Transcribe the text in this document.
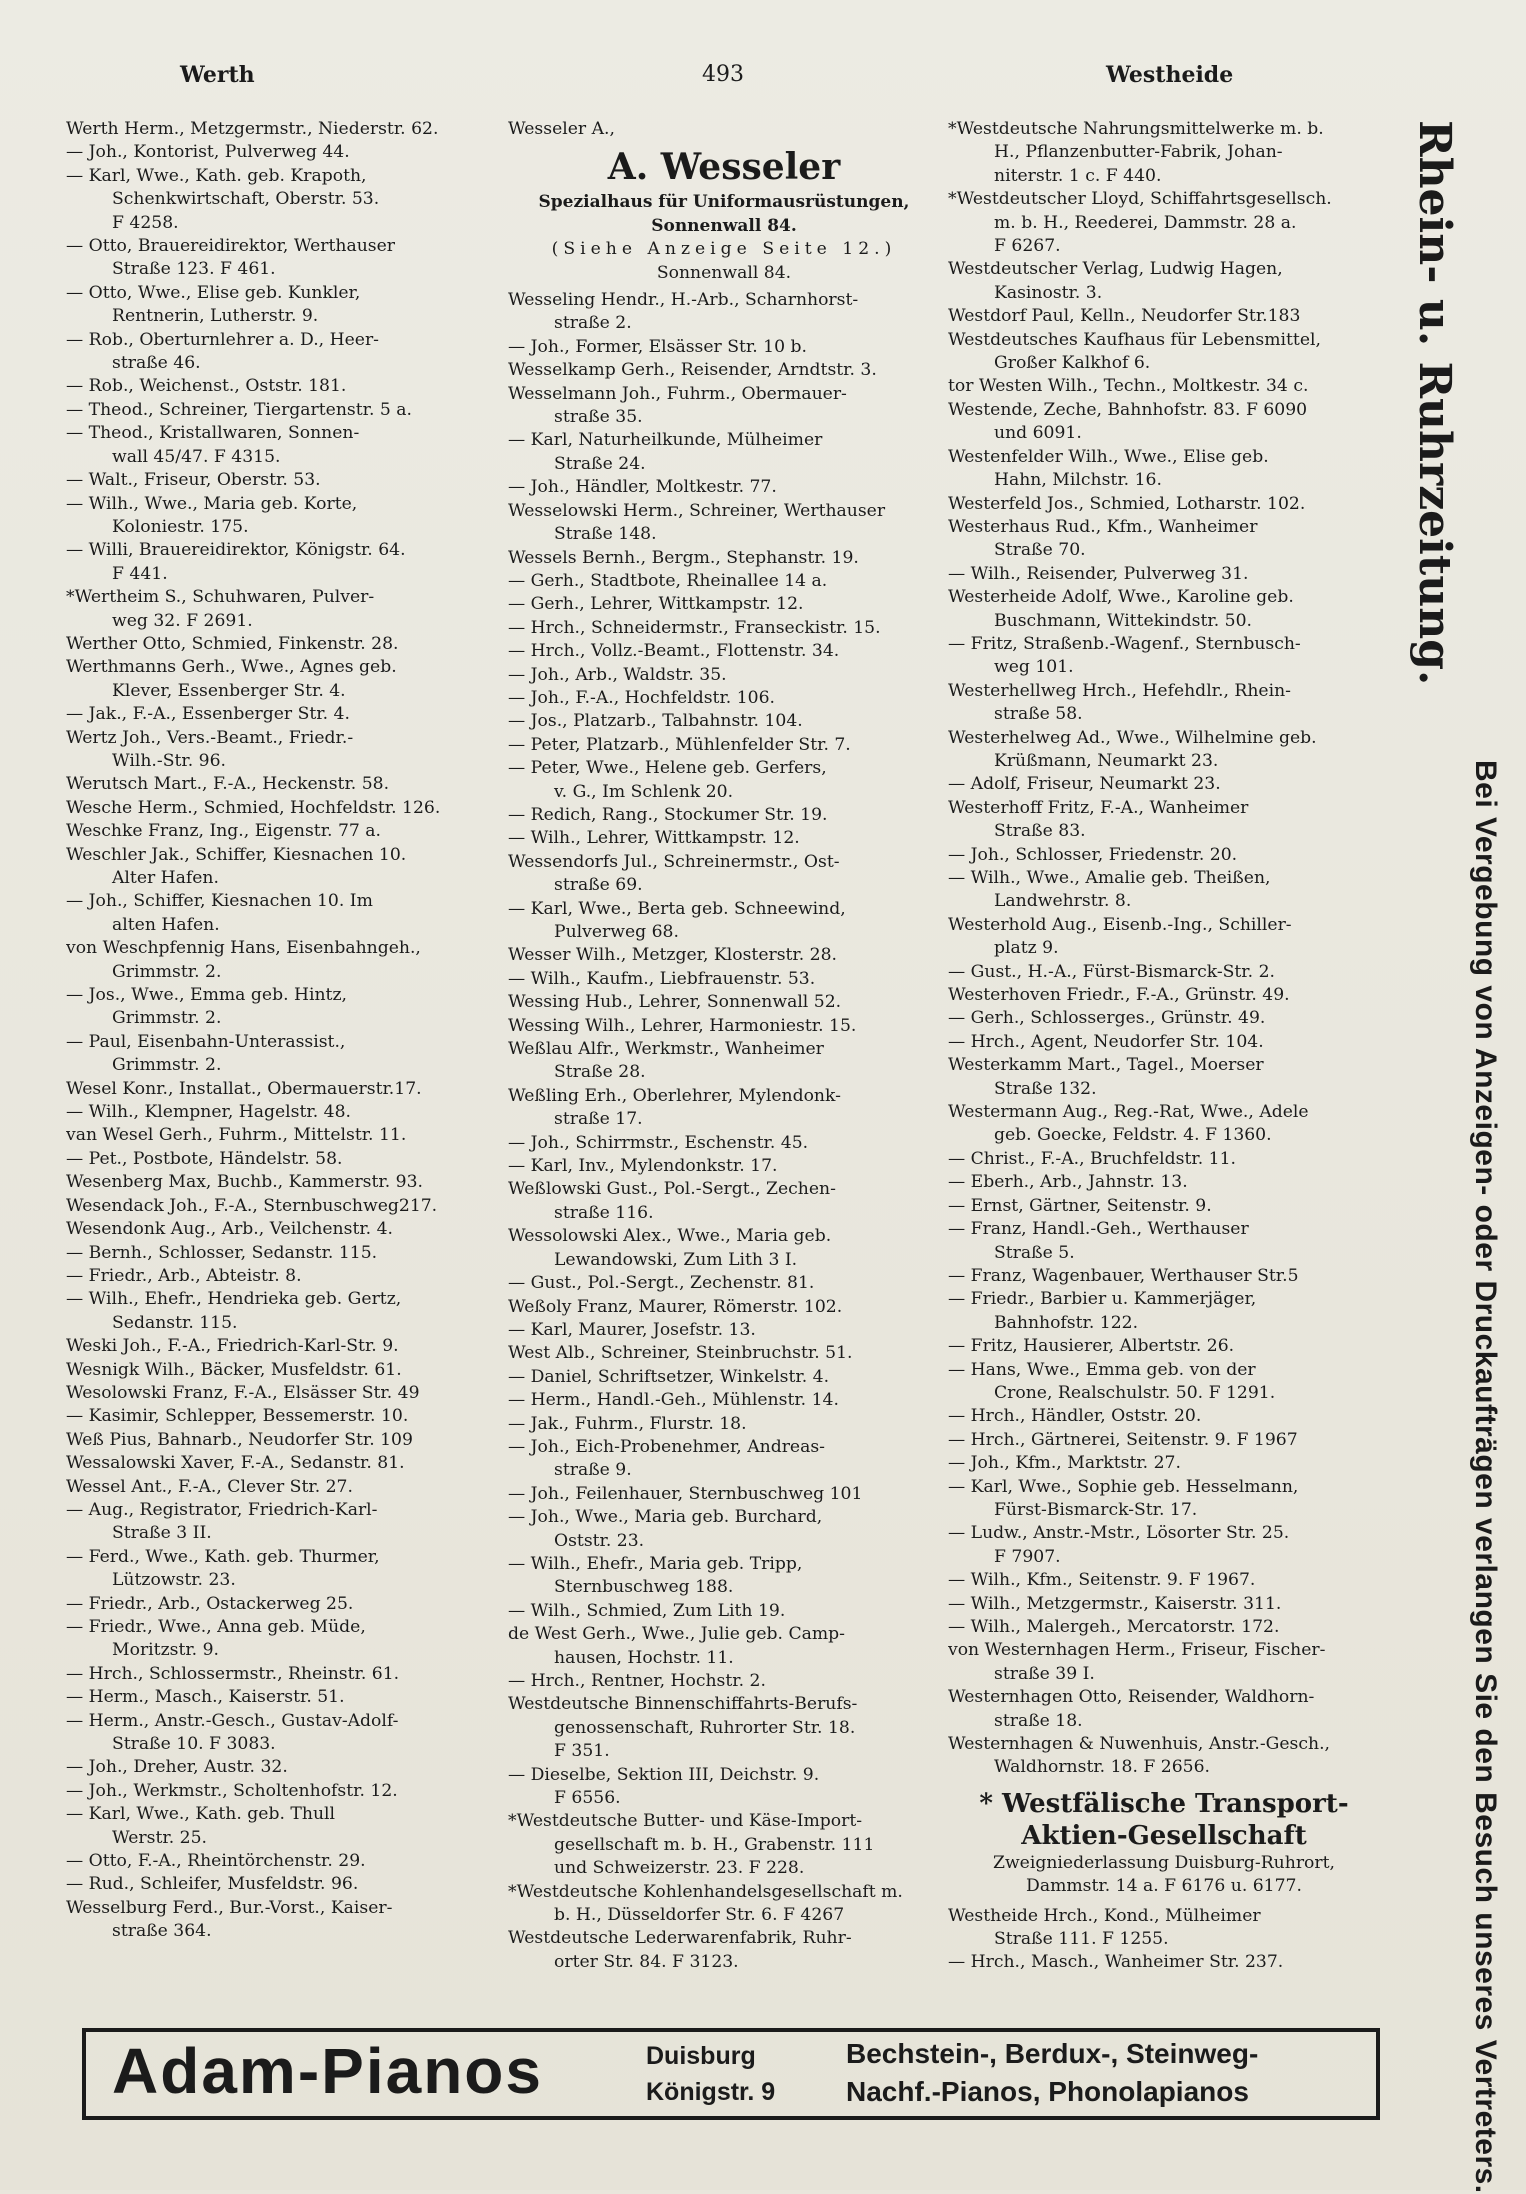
Werth	493	Westheide
Werth Herm., Metzgermstr., Niederstr. 62.
— Joh., Kontorist, Pulverweg 44.
— Karl, Wwe., Kath. geb. Krapoth,
Schenkwirtschaft, Oberstr. 53.
F 4258.
— Otto, Brauereidirektor, Werthauser
Straße 123. F 461.
— Otto, Wwe., Elise geb. Kunkler,
Rentnerin, Lutherstr. 9.
— Rob., Oberturnlehrer a. D., Heer-
straße 46.
— Rob., Weichenst., Oststr. 181.
— Theod., Schreiner, Tiergartenstr. 5 a.
— Theod., Kristallwaren, Sonnen-
wall 45/47. F 4315.
— Walt., Friseur, Oberstr. 53.
— Wilh., Wwe., Maria geb. Korte,
Koloniestr. 175.
— Willi, Brauereidirektor, Königstr. 64.
F 441.
*Wertheim S., Schuhwaren, Pulver-
weg 32. F 2691.
Werther Otto, Schmied, Finkenstr. 28.
Werthmanns Gerh., Wwe., Agnes geb.
Klever, Essenberger Str. 4.
— Jak., F.-A., Essenberger Str. 4.
Wertz Joh., Vers.-Beamt., Friedr.-
Wilh.-Str. 96.
Werutsch Mart., F.-A., Heckenstr. 58.
Wesche Herm., Schmied, Hochfeldstr. 126.
Weschke Franz, Ing., Eigenstr. 77 a.
Weschler Jak., Schiffer, Kiesnachen 10.
Alter Hafen.
— Joh., Schiffer, Kiesnachen 10. Im
alten Hafen.
von Weschpfennig Hans, Eisenbahngeh.,
Grimmstr. 2.
— Jos., Wwe., Emma geb. Hintz,
Grimmstr. 2.
— Paul, Eisenbahn-Unterassist.,
Grimmstr. 2.
Wesel Konr., Installat., Obermauerstr.17.
— Wilh., Klempner, Hagelstr. 48.
van Wesel Gerh., Fuhrm., Mittelstr. 11.
— Pet., Postbote, Händelstr. 58.
Wesenberg Max, Buchb., Kammerstr. 93.
Wesendack Joh., F.-A., Sternbuschweg217.
Wesendonk Aug., Arb., Veilchenstr. 4.
— Bernh., Schlosser, Sedanstr. 115.
— Friedr., Arb., Abteistr. 8.
— Wilh., Ehefr., Hendrieka geb. Gertz,
Sedanstr. 115.
Weski Joh., F.-A., Friedrich-Karl-Str. 9.
Wesnigk Wilh., Bäcker, Musfeldstr. 61.
Wesolowski Franz, F.-A., Elsässer Str. 49
— Kasimir, Schlepper, Bessemerstr. 10.
Weß Pius, Bahnarb., Neudorfer Str. 109
Wessalowski Xaver, F.-A., Sedanstr. 81.
Wessel Ant., F.-A., Clever Str. 27.
— Aug., Registrator, Friedrich-Karl-
Straße 3 II.
— Ferd., Wwe., Kath. geb. Thurmer,
Lützowstr. 23.
— Friedr., Arb., Ostackerweg 25.
— Friedr., Wwe., Anna geb. Müde,
Moritzstr. 9.
— Hrch., Schlossermstr., Rheinstr. 61.
— Herm., Masch., Kaiserstr. 51.
— Herm., Anstr.-Gesch., Gustav-Adolf-
Straße 10. F 3083.
— Joh., Dreher, Austr. 32.
— Joh., Werkmstr., Scholtenhofstr. 12.
— Karl, Wwe., Kath. geb. Thull
Werstr. 25.
— Otto, F.-A., Rheintörchenstr. 29.
— Rud., Schleifer, Musfeldstr. 96.
Wesselburg Ferd., Bur.-Vorst., Kaiser-
straße 364.
Wesseler A.,
A. Wesseler
Spezialhaus für Uniformausrüstungen,
Sonnenwall 84.
(Siehe Anzeige Seite 12.)
Sonnenwall 84.
Wesseling Hendr., H.-Arb., Scharnhorst-
straße 2.
— Joh., Former, Elsässer Str. 10 b.
Wesselkamp Gerh., Reisender, Arndtstr. 3.
Wesselmann Joh., Fuhrm., Obermauer-
straße 35.
— Karl, Naturheilkunde, Mülheimer
Straße 24.
— Joh., Händler, Moltkestr. 77.
Wesselowski Herm., Schreiner, Werthauser
Straße 148.
Wessels Bernh., Bergm., Stephanstr. 19.
— Gerh., Stadtbote, Rheinallee 14 a.
— Gerh., Lehrer, Wittkampstr. 12.
— Hrch., Schneidermstr., Franseckistr. 15.
— Hrch., Vollz.-Beamt., Flottenstr. 34.
— Joh., Arb., Waldstr. 35.
— Joh., F.-A., Hochfeldstr. 106.
— Jos., Platzarb., Talbahnstr. 104.
— Peter, Platzarb., Mühlenfelder Str. 7.
— Peter, Wwe., Helene geb. Gerfers,
v. G., Im Schlenk 20.
— Redich, Rang., Stockumer Str. 19.
— Wilh., Lehrer, Wittkampstr. 12.
Wessendorfs Jul., Schreinermstr., Ost-
straße 69.
— Karl, Wwe., Berta geb. Schneewind,
Pulverweg 68.
Wesser Wilh., Metzger, Klosterstr. 28.
— Wilh., Kaufm., Liebfrauenstr. 53.
Wessing Hub., Lehrer, Sonnenwall 52.
Wessing Wilh., Lehrer, Harmoniestr. 15.
Weßlau Alfr., Werkmstr., Wanheimer
Straße 28.
Weßling Erh., Oberlehrer, Mylendonk-
straße 17.
— Joh., Schirrmstr., Eschenstr. 45.
— Karl, Inv., Mylendonkstr. 17.
Weßlowski Gust., Pol.-Sergt., Zechen-
straße 116.
Wessolowski Alex., Wwe., Maria geb.
Lewandowski, Zum Lith 3 I.
— Gust., Pol.-Sergt., Zechenstr. 81.
Weßoly Franz, Maurer, Römerstr. 102.
— Karl, Maurer, Josefstr. 13.
West Alb., Schreiner, Steinbruchstr. 51.
— Daniel, Schriftsetzer, Winkelstr. 4.
— Herm., Handl.-Geh., Mühlenstr. 14.
— Jak., Fuhrm., Flurstr. 18.
— Joh., Eich-Probenehmer, Andreas-
straße 9.
— Joh., Feilenhauer, Sternbuschweg 101
— Joh., Wwe., Maria geb. Burchard,
Oststr. 23.
— Wilh., Ehefr., Maria geb. Tripp,
Sternbuschweg 188.
— Wilh., Schmied, Zum Lith 19.
de West Gerh., Wwe., Julie geb. Camp-
hausen, Hochstr. 11.
— Hrch., Rentner, Hochstr. 2.
Westdeutsche Binnenschiffahrts-Berufs-
genossenschaft, Ruhrorter Str. 18.
F 351.
— Dieselbe, Sektion III, Deichstr. 9.
F 6556.
*Westdeutsche Butter- und Käse-Import-
gesellschaft m. b. H., Grabenstr. 111
und Schweizerstr. 23. F 228.
*Westdeutsche Kohlenhandelsgesellschaft m.
b. H., Düsseldorfer Str. 6. F 4267
Westdeutsche Lederwarenfabrik, Ruhr-
orter Str. 84. F 3123.
*Westdeutsche Nahrungsmittelwerke m. b.
H., Pflanzenbutter-Fabrik, Johan-
niterstr. 1 c. F 440.
*Westdeutscher Lloyd, Schiffahrtsgesellsch.
m. b. H., Reederei, Dammstr. 28 a.
F 6267.
Westdeutscher Verlag, Ludwig Hagen,
Kasinostr. 3.
Westdorf Paul, Kelln., Neudorfer Str.183
Westdeutsches Kaufhaus für Lebensmittel,
Großer Kalkhof 6.
tor Westen Wilh., Techn., Moltkestr. 34 c.
Westende, Zeche, Bahnhofstr. 83. F 6090
und 6091.
Westenfelder Wilh., Wwe., Elise geb.
Hahn, Milchstr. 16.
Westerfeld Jos., Schmied, Lotharstr. 102.
Westerhaus Rud., Kfm., Wanheimer
Straße 70.
— Wilh., Reisender, Pulverweg 31.
Westerheide Adolf, Wwe., Karoline geb.
Buschmann, Wittekindstr. 50.
— Fritz, Straßenb.-Wagenf., Sternbusch-
weg 101.
Westerhellweg Hrch., Hefehdlr., Rhein-
straße 58.
Westerhelweg Ad., Wwe., Wilhelmine geb.
Krüßmann, Neumarkt 23.
— Adolf, Friseur, Neumarkt 23.
Westerhoff Fritz, F.-A., Wanheimer
Straße 83.
— Joh., Schlosser, Friedenstr. 20.
— Wilh., Wwe., Amalie geb. Theißen,
Landwehrstr. 8.
Westerhold Aug., Eisenb.-Ing., Schiller-
platz 9.
— Gust., H.-A., Fürst-Bismarck-Str. 2.
Westerhoven Friedr., F.-A., Grünstr. 49.
— Gerh., Schlosserges., Grünstr. 49.
— Hrch., Agent, Neudorfer Str. 104.
Westerkamm Mart., Tagel., Moerser
Straße 132.
Westermann Aug., Reg.-Rat, Wwe., Adele
geb. Goecke, Feldstr. 4. F 1360.
— Christ., F.-A., Bruchfeldstr. 11.
— Eberh., Arb., Jahnstr. 13.
— Ernst, Gärtner, Seitenstr. 9.
— Franz, Handl.-Geh., Werthauser
Straße 5.
— Franz, Wagenbauer, Werthauser Str.5
— Friedr., Barbier u. Kammerjäger,
Bahnhofstr. 122.
— Fritz, Hausierer, Albertstr. 26.
— Hans, Wwe., Emma geb. von der
Crone, Realschulstr. 50. F 1291.
— Hrch., Händler, Oststr. 20.
— Hrch., Gärtnerei, Seitenstr. 9. F 1967
— Joh., Kfm., Marktstr. 27.
— Karl, Wwe., Sophie geb. Hesselmann,
Fürst-Bismarck-Str. 17.
— Ludw., Anstr.-Mstr., Lösorter Str. 25.
F 7907.
— Wilh., Kfm., Seitenstr. 9. F 1967.
— Wilh., Metzgermstr., Kaiserstr. 311.
— Wilh., Malergeh., Mercatorstr. 172.
von Westernhagen Herm., Friseur, Fischer-
straße 39 I.
Westernhagen Otto, Reisender, Waldhorn-
straße 18.
Westernhagen & Nuwenhuis, Anstr.-Gesch.,
Waldhornstr. 18. F 2656.
* Westfälische Transport-
Aktien-Gesellschaft
Zweigniederlassung Duisburg-Ruhrort,
Dammstr. 14 a. F 6176 u. 6177.
Westheide Hrch., Kond., Mülheimer
Straße 111. F 1255.
— Hrch., Masch., Wanheimer Str. 237.
Rhein- u. Ruhrzeitung.
Bei Vergebung von Anzeigen- oder Druckaufträgen verlangen Sie den Besuch unseres Vertreters.
Adam-Pianos	Duisburg
Königstr. 9
Bechstein-, Berdux-, Steinweg-
Nachf.-Pianos, Phonolapianos
